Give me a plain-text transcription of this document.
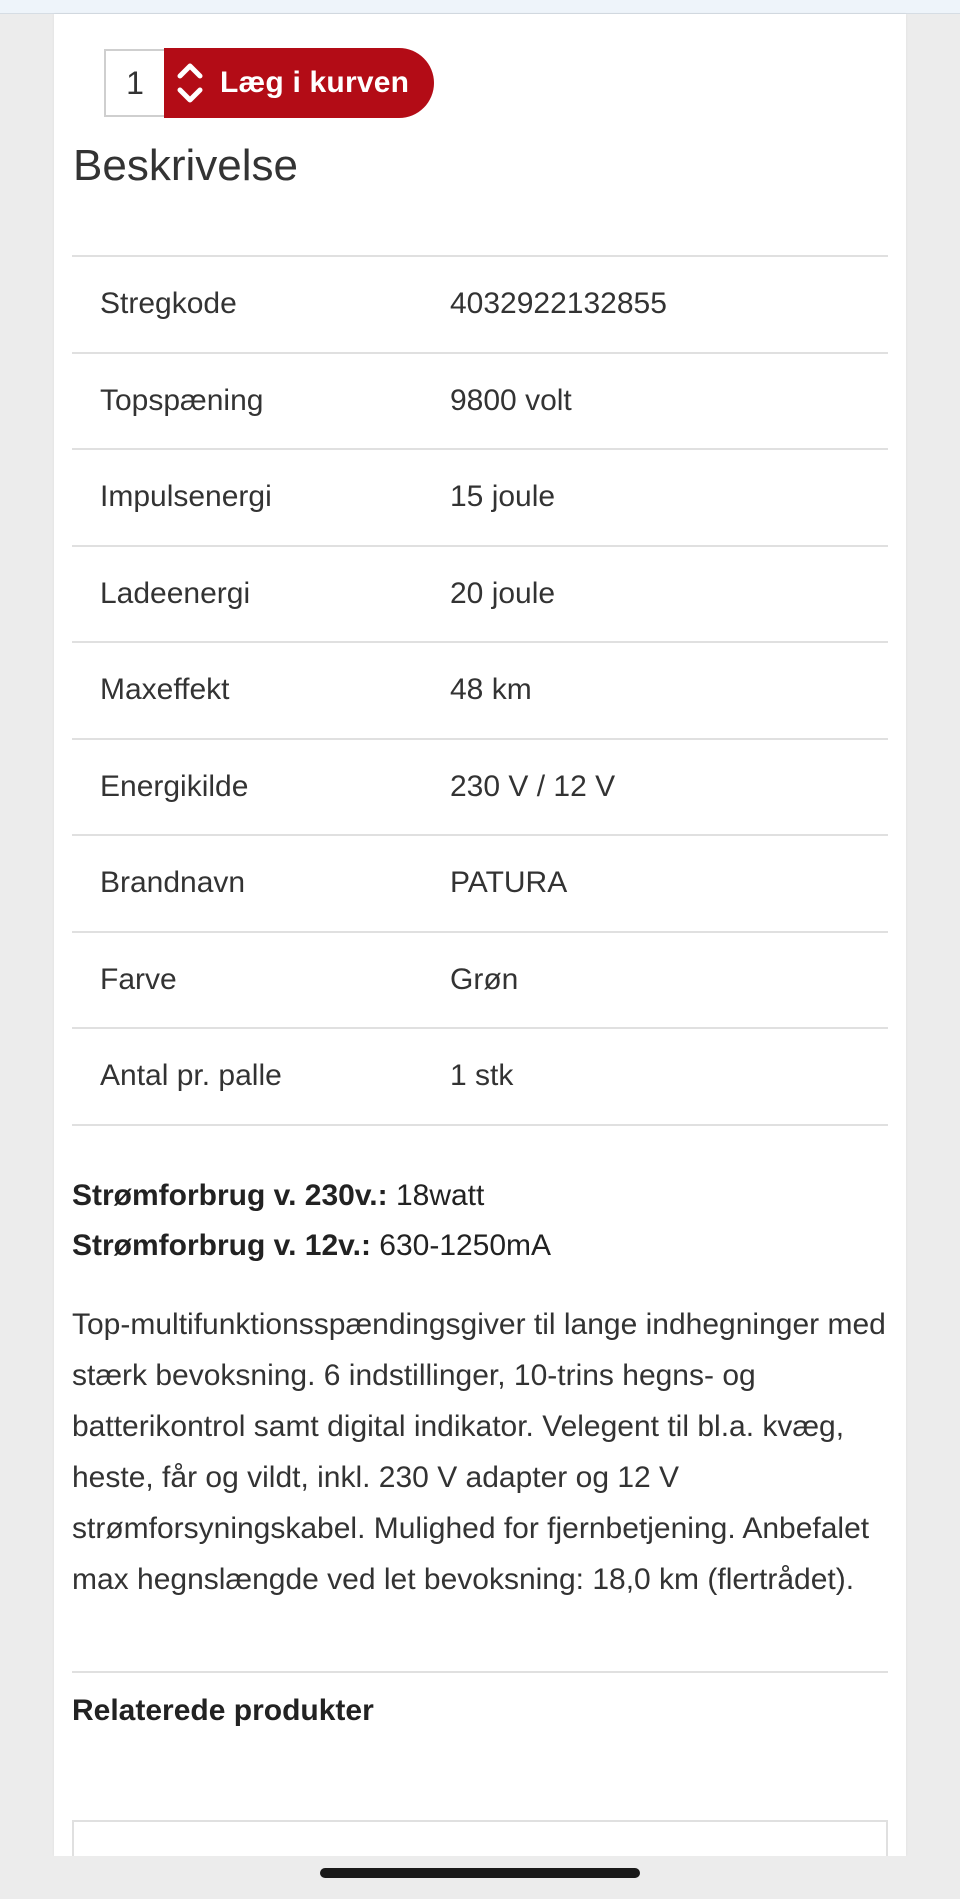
1	Læg i kurven
Beskrivelse
Stregkode	4032922132855
Topspæning	9800 volt
Impulsenergi	15 joule
Ladeenergi	20 joule
Maxeffekt	48 km
Energikilde	230 V / 12 V
Brandnavn	PATURA
Farve	Grøn
Antal pr. palle	1 stk
Strømforbrug v. 230v.: 18watt
Strømforbrug v. 12v.: 630-1250mA

Top-multifunktionsspændingsgiver til lange indhegninger med stærk bevoksning. 6 indstillinger, 10-trins hegns- og batterikontrol samt digital indikator. Velegent til bl.a. kvæg, heste, får og vildt, inkl. 230 V adapter og 12 V strømforsyningskabel. Mulighed for fjernbetjening. Anbefalet max hegnslængde ved let bevoksning: 18,0 km (flertrådet).

Relaterede produkter
